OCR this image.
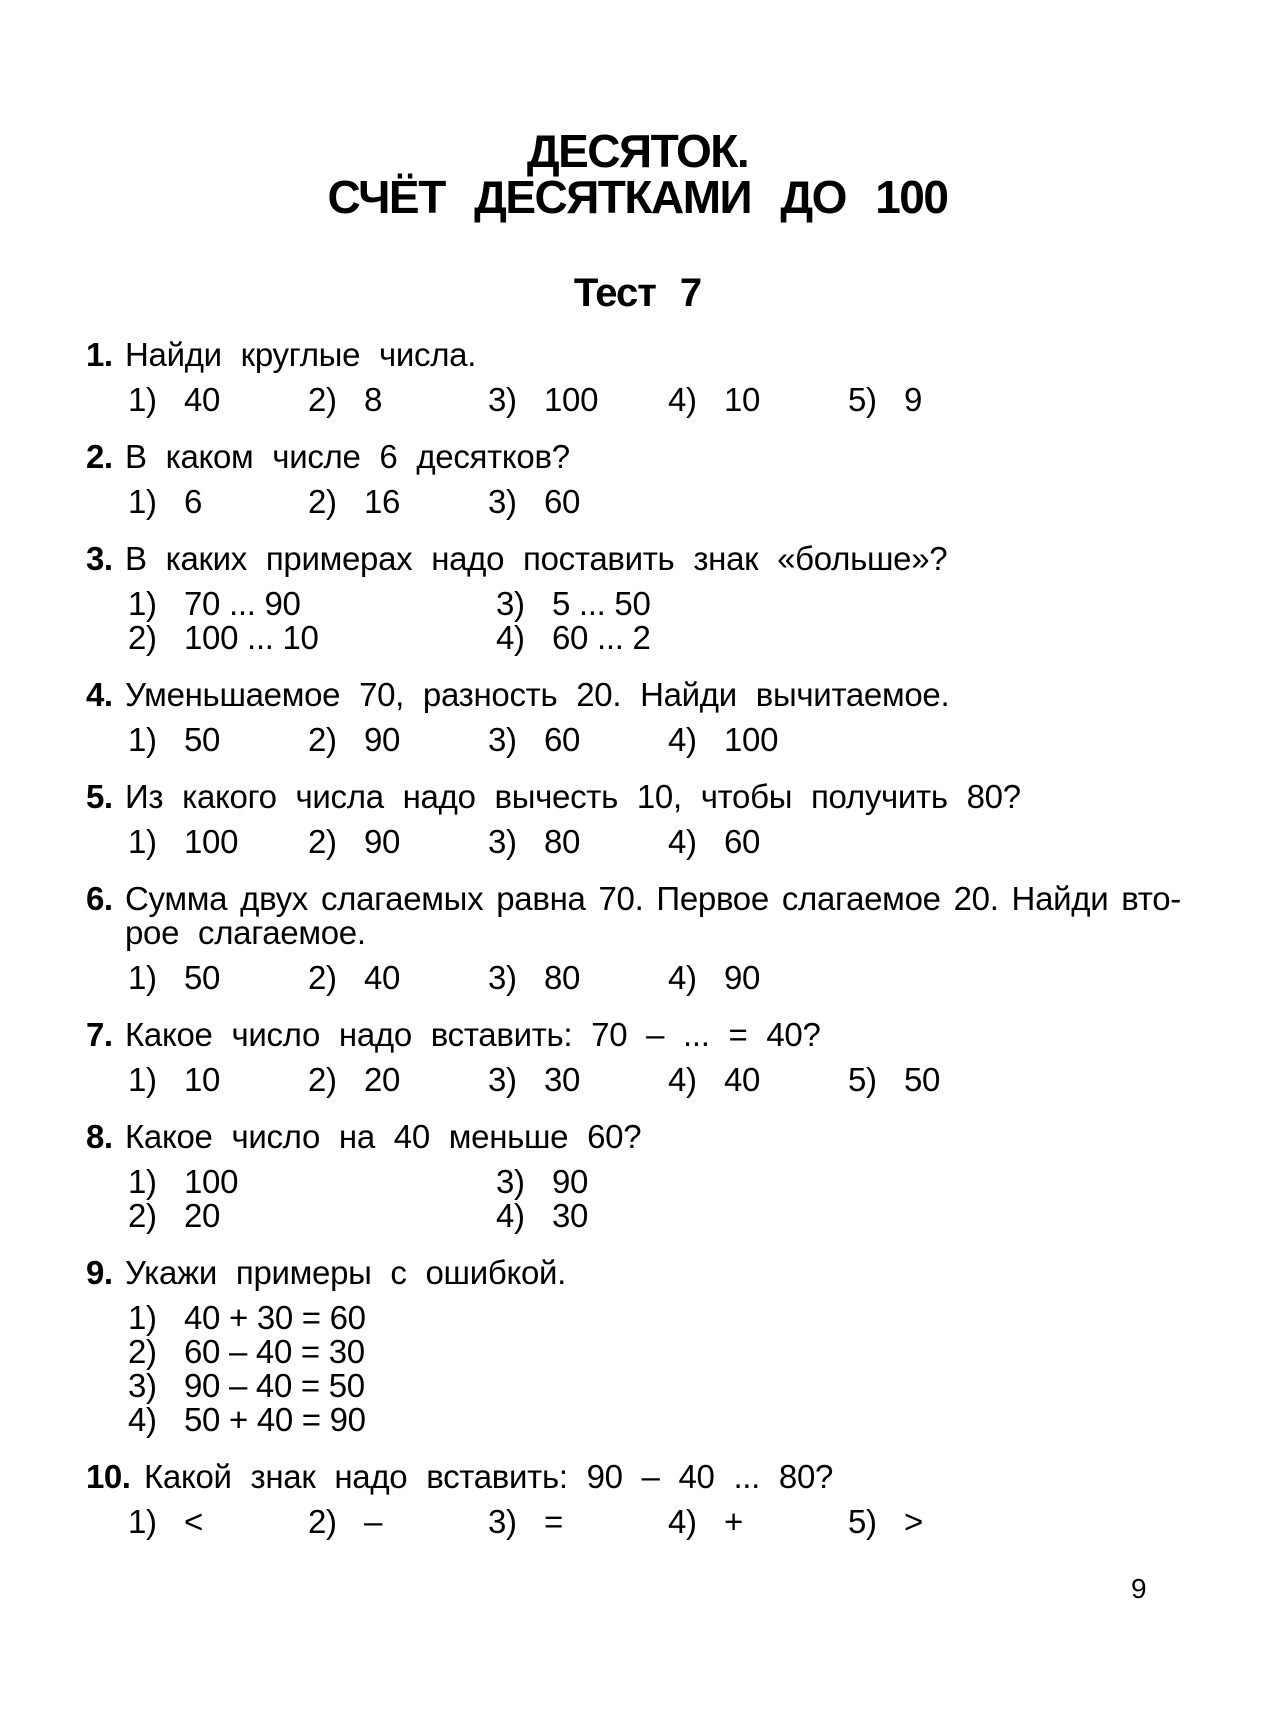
ДЕСЯТОК.
СЧЁТ ДЕСЯТКАМИ ДО 100
Тест 7
1. Найди круглые числа.
1) 40	2) 8	3) 100	4) 10	5) 9
2. В каком числе 6 десятков?
1) 6	2) 16	3) 60
3. В каких примерах надо поставить знак «больше»?
1) 70 ... 90	3) 5 ... 50
2) 100 ... 10	4) 60 ... 2
4. Уменьшаемое 70, разность 20. Найди вычитаемое.
1) 50	2) 90	3) 60	4) 100
5. Из какого числа надо вычесть 10, чтобы получить 80?
1) 100	2) 90	3) 80	4) 60
6. Сумма двух слагаемых равна 70. Первое слагаемое 20. Найди вто-
рое слагаемое.
1) 50	2) 40	3) 80	4) 90
7. Какое число надо вставить: 70 – ... = 40?
1) 10	2) 20	3) 30	4) 40	5) 50
8. Какое число на 40 меньше 60?
1) 100	3) 90
2) 20	4) 30
9. Укажи примеры с ошибкой.
1) 40 + 30 = 60
2) 60 – 40 = 30
3) 90 – 40 = 50
4) 50 + 40 = 90
10. Какой знак надо вставить: 90 – 40 ... 80?
1) <	2) –	3) =	4) +	5) >
9
